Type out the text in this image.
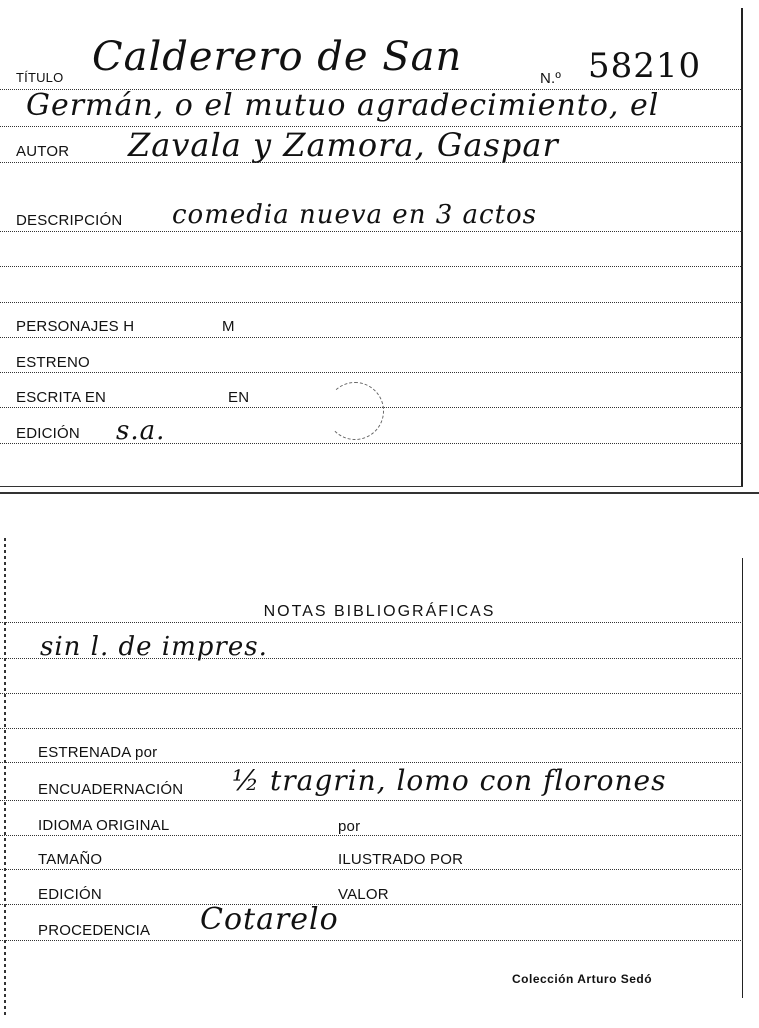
TÍTULO Calderero de San	N.º 58210
Germán, o el mutuo agradecimiento, el
AUTOR Zavala y Zamora, Gaspar
DESCRIPCIÓN comedia nueva en 3 actos
PERSONAJES H	M
ESTRENO
ESCRITA EN	EN
EDICIÓN s.a.
NOTAS BIBLIOGRÁFICAS
sin l. de impres.
ESTRENADA por
ENCUADERNACIÓN ½ tragrin, lomo con florones
IDIOMA ORIGINAL	por
TAMAÑO	ILUSTRADO POR
EDICIÓN	VALOR
PROCEDENCIA Cotarelo
Colección Arturo Sedó
